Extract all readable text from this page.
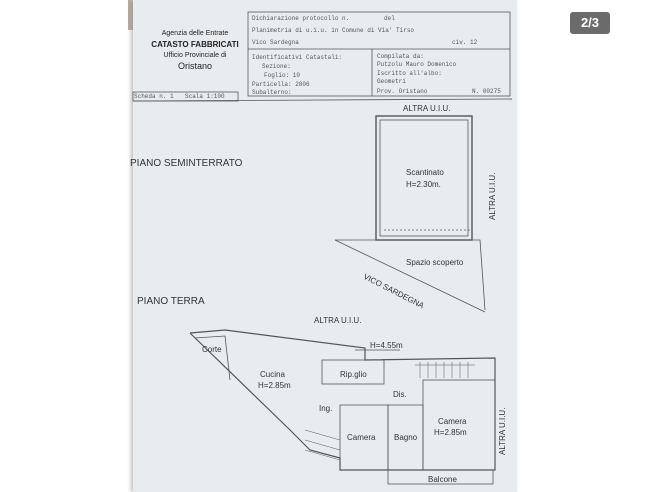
2/3
Agenzia delle Entrate
CATASTO FABBRICATI
Ufficio Provinciale di
Oristano
Dichiarazione protocollo n.	del
Planimetria di u.i.u. in Comune di Via' Tirso
Vico Sardegna	civ. 12
Identificativi Catastali:
Sezione:
Foglio: 10
Particella: 2806
Subalterno:
Compilata da:
Putzolu Mauro Domenico
Iscritto all'albo:
Geometri
Prov. Oristano	N. 00275
Scheda n. 1 Scala 1:100
ALTRA U.I.U.
ALTRA U.I.U.
PIANO SEMINTERRATO
Scantinato
H=2.30m.
Spazio scoperto
VICO SARDEGNA
PIANO TERRA
ALTRA U.I.U.
Corte
Cucina
H=2.85m
H=4.55m
Rip.glio
Dis.
Ing.
Camera Bagno
Camera
H=2.85m
Balcone
ALTRA U.I.U.
